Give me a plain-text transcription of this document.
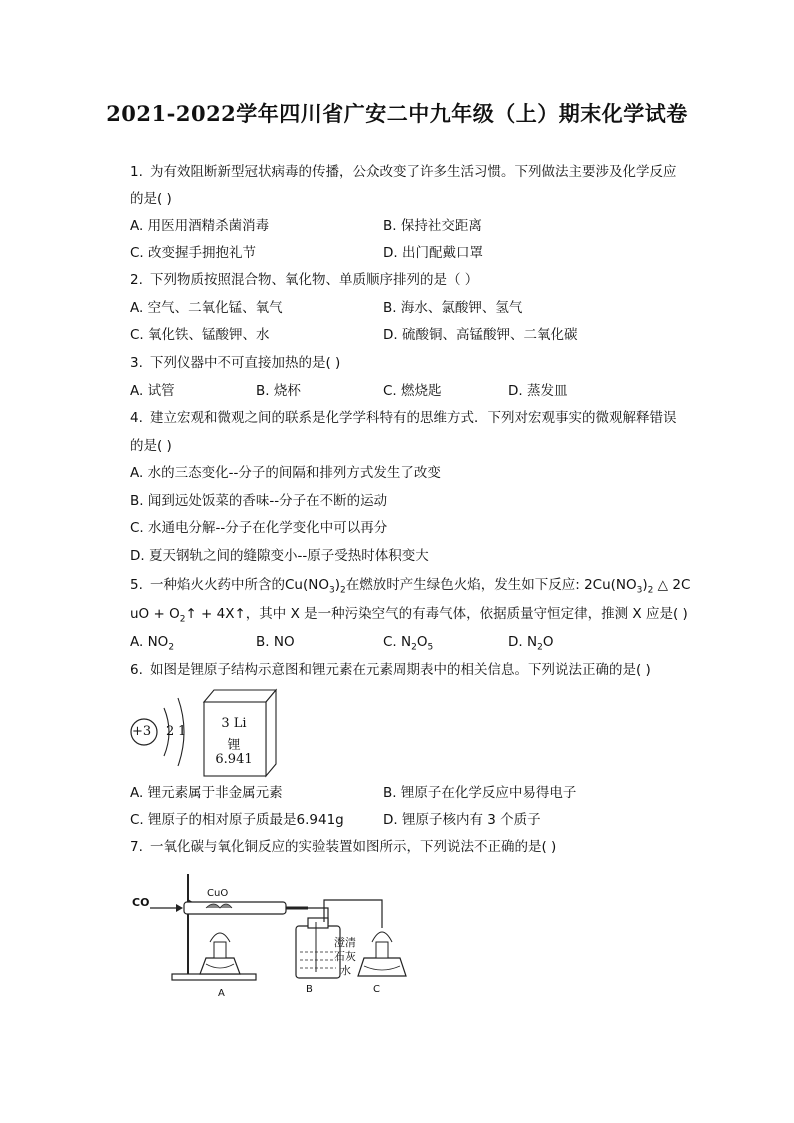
2021-2022学年四川省广安二中九年级（上）期末化学试卷
1. 为有效阻断新型冠状病毒的传播，公众改变了许多生活习惯。下列做法主要涉及化学反应
的是( )
A. 用医用酒精杀菌消毒	B. 保持社交距离
C. 改变握手拥抱礼节	D. 出门配戴口罩
2. 下列物质按照混合物、氧化物、单质顺序排列的是（ ）
A. 空气、二氧化锰、氧气	B. 海水、氯酸钾、氢气
C. 氧化铁、锰酸钾、水	D. 硫酸铜、高锰酸钾、二氧化碳
3. 下列仪器中不可直接加热的是( )
A. 试管	B. 烧杯	C. 燃烧匙	D. 蒸发皿
4. 建立宏观和微观之间的联系是化学学科特有的思维方式．下列对宏观事实的微观解释错误
的是( )
A. 水的三态变化--分子的间隔和排列方式发生了改变
B. 闻到远处饭菜的香味--分子在不断的运动
C. 水通电分解--分子在化学变化中可以再分
D. 夏天钢轨之间的缝隙变小--原子受热时体积变大
5. 一种焰火火药中所含的$Cu(NO_3)_2$在燃放时产生绿色火焰，发生如下反应: $2Cu(NO_3)_2$ △ 2C
uO + $O_2↑$ + 4X↑，其中 X 是一种污染空气的有毒气体，依据质量守恒定律，推测 X 应是( )
A. $NO_2$	B. NO	C. $N_2O_5$	D. $N_2O$
6. 如图是锂原子结构示意图和锂元素在元素周期表中的相关信息。下列说法正确的是( )
+3 2 1
3 Li
锂
6.941
A. 锂元素属于非金属元素	B. 锂原子在化学反应中易得电子
C. 锂原子的相对原子质最是6.941g	D. 锂原子核内有 3 个质子
7. 一氧化碳与氧化铜反应的实验装置如图所示，下列说法不正确的是( )
CO
CuO
A	B	C
澄清
石灰
水
